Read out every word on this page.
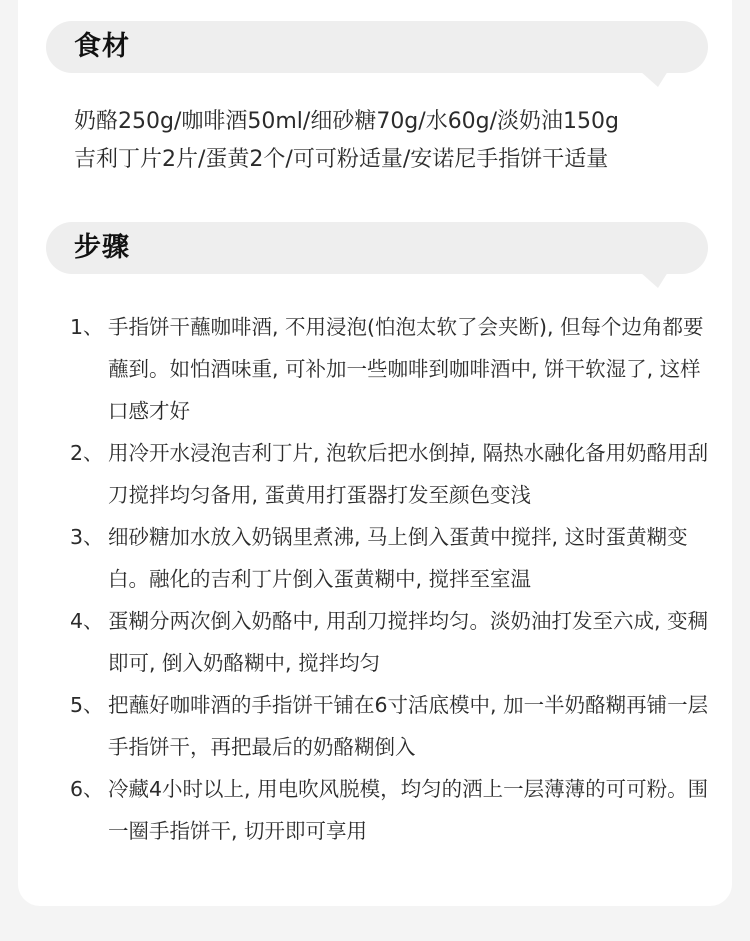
食材
奶酪250g/咖啡酒50ml/细砂糖70g/水60g/淡奶油150g
吉利丁片2片/蛋黄2个/可可粉适量/安诺尼手指饼干适量
步骤
1、 手指饼干蘸咖啡酒, 不用浸泡(怕泡太软了会夹断), 但每个边角都要蘸到。如怕酒味重, 可补加一些咖啡到咖啡酒中, 饼干软湿了, 这样口感才好
2、 用冷开水浸泡吉利丁片, 泡软后把水倒掉, 隔热水融化备用奶酪用刮刀搅拌均匀备用, 蛋黄用打蛋器打发至颜色变浅
3、 细砂糖加水放入奶锅里煮沸, 马上倒入蛋黄中搅拌, 这时蛋黄糊变白。融化的吉利丁片倒入蛋黄糊中, 搅拌至室温
4、 蛋糊分两次倒入奶酪中, 用刮刀搅拌均匀。淡奶油打发至六成, 变稠即可, 倒入奶酪糊中, 搅拌均匀
5、 把蘸好咖啡酒的手指饼干铺在6寸活底模中, 加一半奶酪糊再铺一层手指饼干，再把最后的奶酪糊倒入
6、 冷藏4小时以上, 用电吹风脱模，均匀的洒上一层薄薄的可可粉。围一圈手指饼干, 切开即可享用
